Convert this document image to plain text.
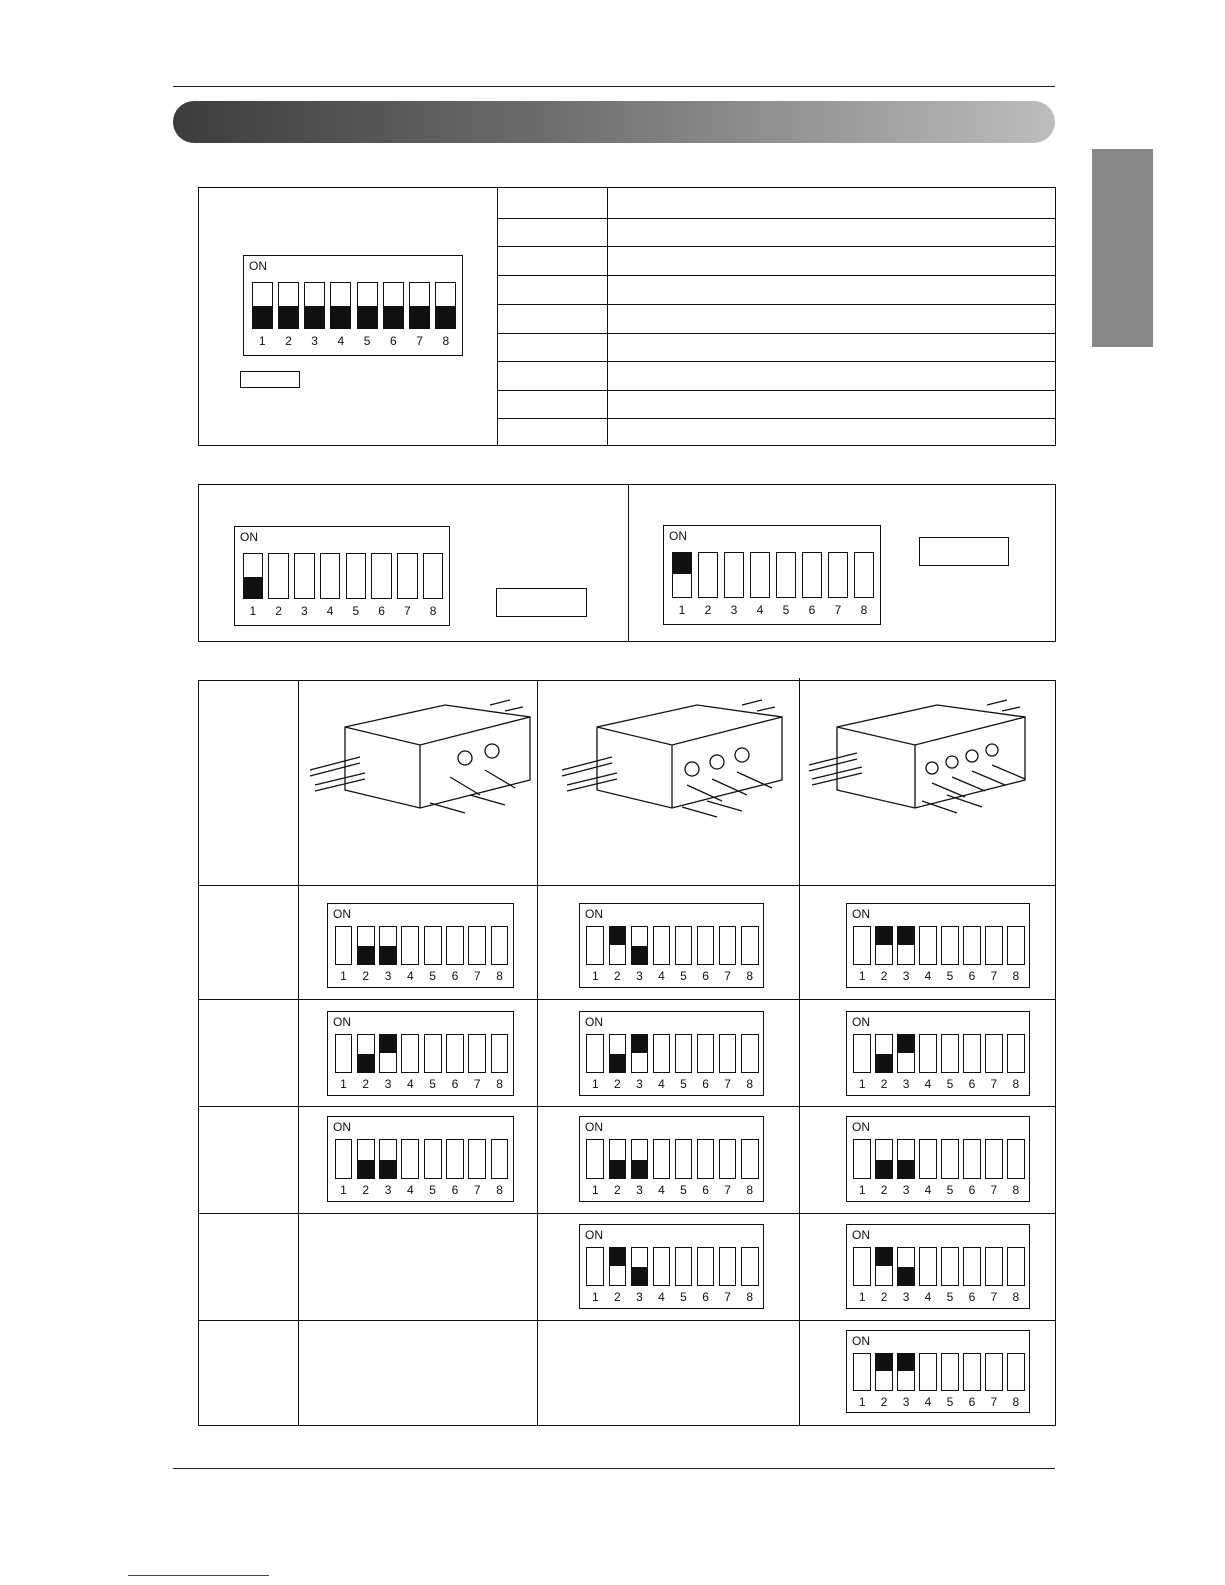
ON
1 2 3 4 5 6 7 8
ON
1 2 3 4 5 6 7 8
ON
1 2 3 4 5 6 7 8
ON
1 2 3 4 5 6 7 8
ON
1 2 3 4 5 6 7 8
ON
1 2 3 4 5 6 7 8
ON
1 2 3 4 5 6 7 8
ON
1 2 3 4 5 6 7 8
ON
1 2 3 4 5 6 7 8
ON
1 2 3 4 5 6 7 8
ON
1 2 3 4 5 6 7 8
ON
1 2 3 4 5 6 7 8
ON
1 2 3 4 5 6 7 8
ON
1 2 3 4 5 6 7 8
ON
1 2 3 4 5 6 7 8
